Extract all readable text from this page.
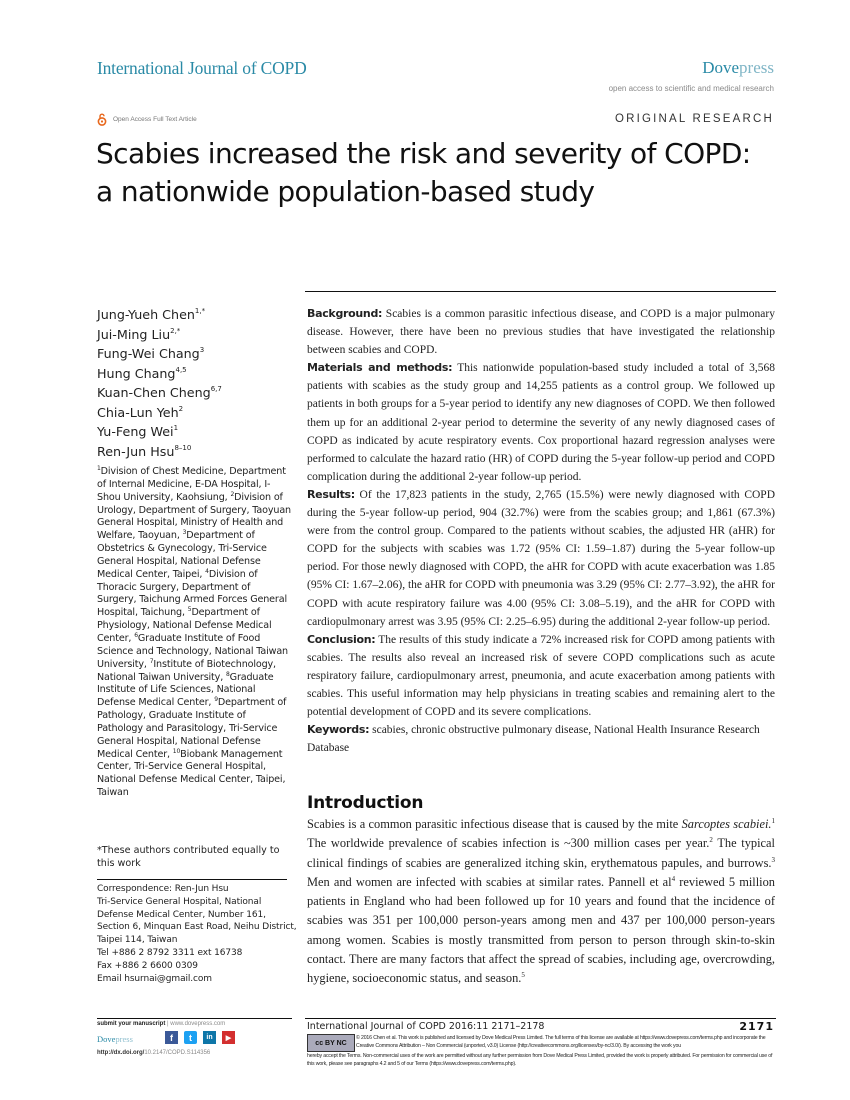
International Journal of COPD	Dovepress
open access to scientific and medical research
Open Access Full Text Article	ORIGINAL RESEARCH
Scabies increased the risk and severity of COPD:
a nationwide population-based study
Jung-Yueh Chen$^{1,*}$
Jui-Ming Liu$^{2,*}$
Fung-Wei Chang$^3$
Hung Chang$^{4,5}$
Kuan-Chen Cheng$^{6,7}$
Chia-Lun Yeh$^2$
Yu-Feng Wei$^1$
Ren-Jun Hsu$^{8-10}$
$^1$Division of Chest Medicine, Department of Internal Medicine, E-DA Hospital, I-Shou University, Kaohsiung, $^2$Division of Urology, Department of Surgery, Taoyuan General Hospital, Ministry of Health and Welfare, Taoyuan, $^3$Department of Obstetrics & Gynecology, Tri-Service General Hospital, National Defense Medical Center, Taipei, $^4$Division of Thoracic Surgery, Department of Surgery, Taichung Armed Forces General Hospital, Taichung, $^5$Department of Physiology, National Defense Medical Center, $^6$Graduate Institute of Food Science and Technology, National Taiwan University, $^7$Institute of Biotechnology, National Taiwan University, $^8$Graduate Institute of Life Sciences, National Defense Medical Center, $^9$Department of Pathology, Graduate Institute of Pathology and Parasitology, Tri-Service General Hospital, National Defense Medical Center, $^{10}$Biobank Management Center, Tri-Service General Hospital, National Defense Medical Center, Taipei, Taiwan
*These authors contributed equally to this work
Correspondence: Ren-Jun Hsu
Tri-Service General Hospital, National Defense Medical Center, Number 161, Section 6, Minquan East Road, Neihu District, Taipei 114, Taiwan
Tel +886 2 8792 3311 ext 16738
Fax +886 2 6600 0309
Email hsurnai@gmail.com

Background: Scabies is a common parasitic infectious disease, and COPD is a major pulmonary disease. However, there have been no previous studies that have investigated the relationship between scabies and COPD.

Materials and methods: This nationwide population-based study included a total of 3,568 patients with scabies as the study group and 14,255 patients as a control group. We followed up patients in both groups for a 5-year period to identify any new diagnoses of COPD. We then followed them up for an additional 2-year period to determine the severity of any newly diagnosed cases of COPD as indicated by acute respiratory events. Cox proportional hazard regression analyses were performed to calculate the hazard ratio (HR) of COPD during the 5-year follow-up period and COPD complication during the additional 2-year follow-up period.

Results: Of the 17,823 patients in the study, 2,765 (15.5%) were newly diagnosed with COPD during the 5-year follow-up period, 904 (32.7%) were from the scabies group; and 1,861 (67.3%) were from the control group. Compared to the patients without scabies, the adjusted HR (aHR) for COPD for the subjects with scabies was 1.72 (95% CI: 1.59–1.87) during the 5-year follow-up period. For those newly diagnosed with COPD, the aHR for COPD with acute exacerbation was 1.85 (95% CI: 1.67–2.06), the aHR for COPD with pneumonia was 3.29 (95% CI: 2.77–3.92), the aHR for COPD with acute respiratory failure was 4.00 (95% CI: 3.08–5.19), and the aHR for COPD with cardiopulmonary arrest was 3.95 (95% CI: 2.25–6.95) during the additional 2-year follow-up period.

Conclusion: The results of this study indicate a 72% increased risk for COPD among patients with scabies. The results also reveal an increased risk of severe COPD complications such as acute respiratory failure, cardiopulmonary arrest, pneumonia, and acute exacerbation among patients with scabies. This useful information may help physicians in treating scabies and remaining alert to the potential development of COPD and its severe complications.

Keywords: scabies, chronic obstructive pulmonary disease, National Health Insurance Research Database

Introduction
Scabies is a common parasitic infectious disease that is caused by the mite Sarcoptes scabiei.$^1$ The worldwide prevalence of scabies infection is ~300 million cases per year.$^2$ The typical clinical findings of scabies are generalized itching skin, erythematous papules, and burrows.$^3$ Men and women are infected with scabies at similar rates. Pannell et $al^4$ reviewed 5 million patients in England who had been followed up for 10 years and found that the incidence of scabies was 351 per 100,000 person-years among men and 437 per 100,000 person-years among women. Scabies is mostly transmitted from person to person through skin-to-skin contact. There are many factors that affect the spread of scabies, including age, overcrowding, hygiene, socioeconomic status, and season.$^5$
submit your manuscript | www.dovepress.com
Dovepress	f	t	in	▶
http://dx.doi.org/10.2147/COPD.S114356
International Journal of COPD 2016:11 2171–2178	2171
cc BY NC
© 2016 Chen et al. This work is published and licensed by Dove Medical Press Limited. The full terms of this license are available at https://www.dovepress.com/terms.php and incorporate the Creative Commons Attribution – Non Commercial (unported, v3.0) License (http://creativecommons.org/licenses/by-nc/3.0/). By accessing the work you
hereby accept the Terms. Non-commercial uses of the work are permitted without any further permission from Dove Medical Press Limited, provided the work is properly attributed. For permission for commercial use of this work, please see paragraphs 4.2 and 5 of our Terms (https://www.dovepress.com/terms.php).
